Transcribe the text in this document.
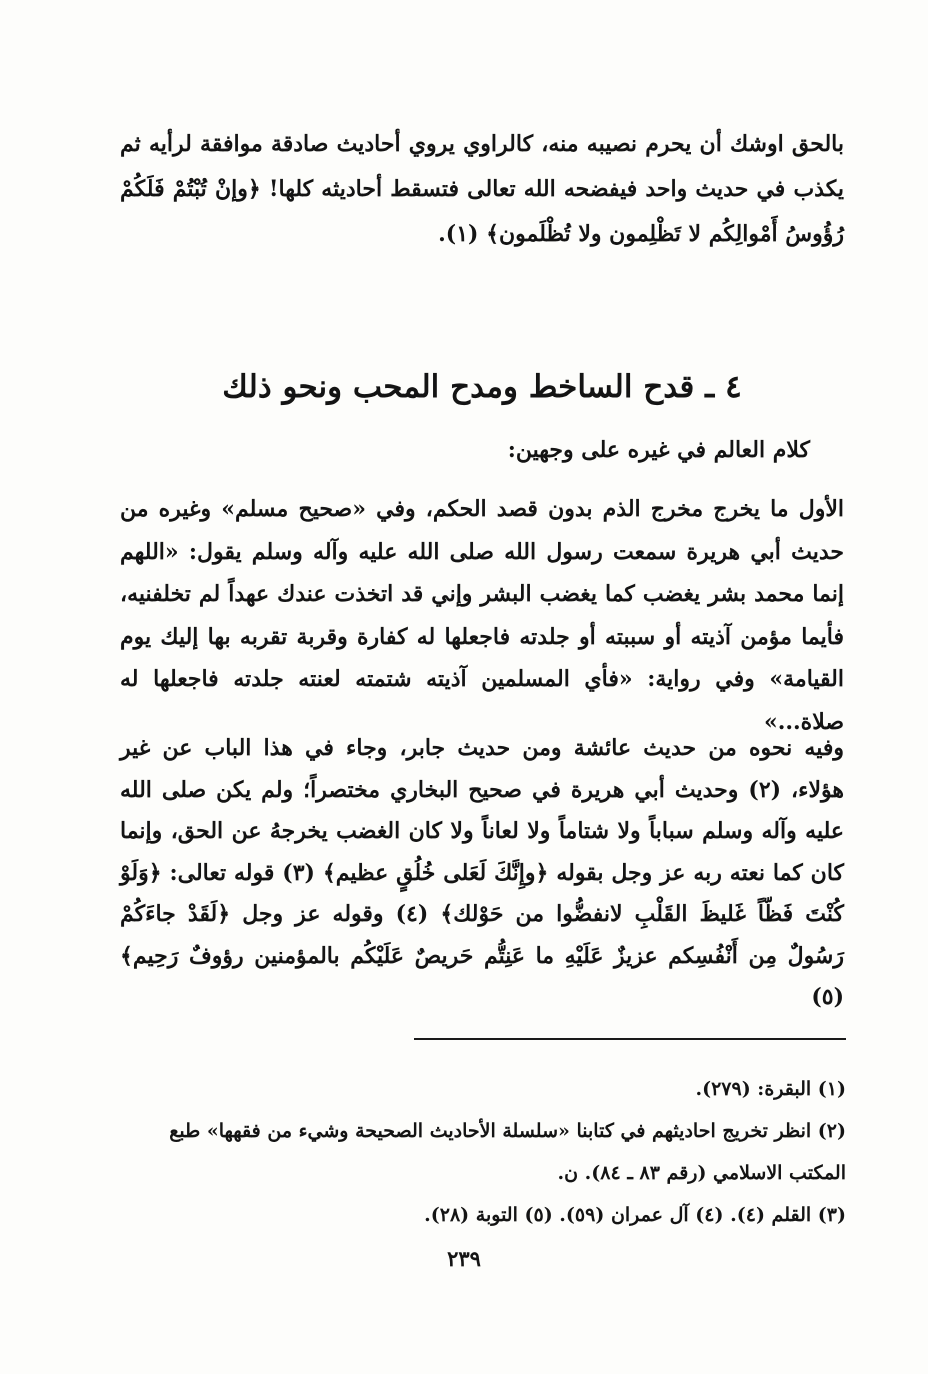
بالحق اوشك أن يحرم نصيبه منه، كالراوي يروي أحاديث صادقة موافقة لرأيه ثم يكذب في حديث واحد فيفضحه الله تعالى فتسقط أحاديثه كلها! ﴿وإنْ تُبْتُمْ فَلَكُمْ رُؤُوسُ أَمْوالِكُم لا تَظْلِمون ولا تُظْلَمون﴾ (١).

٤ ـ قدح الساخط ومدح المحب ونحو ذلك

كلام العالم في غيره على وجهين:

الأول ما يخرج مخرج الذم بدون قصد الحكم، وفي «صحيح مسلم» وغيره من حديث أبي هريرة سمعت رسول الله صلى الله عليه وآله وسلم يقول: «اللهم إنما محمد بشر يغضب كما يغضب البشر وإني قد اتخذت عندك عهداً لم تخلفنيه، فأيما مؤمن آذيته أو سببته أو جلدته فاجعلها له كفارة وقربة تقربه بها إليك يوم القيامة» وفي رواية: «فأي المسلمين آذيته شتمته لعنته جلدته فاجعلها له صلاة...»

وفيه نحوه من حديث عائشة ومن حديث جابر، وجاء في هذا الباب عن غير هؤلاء، (٢) وحديث أبي هريرة في صحيح البخاري مختصراً؛ ولم يكن صلى الله عليه وآله وسلم سباباً ولا شتاماً ولا لعاناً ولا كان الغضب يخرجهُ عن الحق، وإنما كان كما نعته ربه عز وجل بقوله ﴿وإِنَّكَ لَعَلى خُلُقٍ عظيم﴾ (٣) قوله تعالى: ﴿وَلَوْ كُنْتَ فَظّاً غَليظَ القَلْبِ لانفضُّوا من حَوْلك﴾ (٤) وقوله عز وجل ﴿لَقَدْ جاءَكُمْ رَسُولٌ مِن أَنْفُسِكم عزيزٌ عَلَيْهِ ما عَنِتُّم حَريصٌ عَلَيْكُم بالمؤمنين رؤوفٌ رَحِيم﴾ (٥)

(١) البقرة: (٢٧٩).

(٢) انظر تخريج احاديثهم في كتابنا «سلسلة الأحاديث الصحيحة وشيء من فقهها» طبع المكتب الاسلامي (رقم ٨٣ ـ ٨٤). ن.

(٣) القلم (٤). (٤) آل عمران (٥٩). (٥) التوبة (٢٨).

٢٣٩
